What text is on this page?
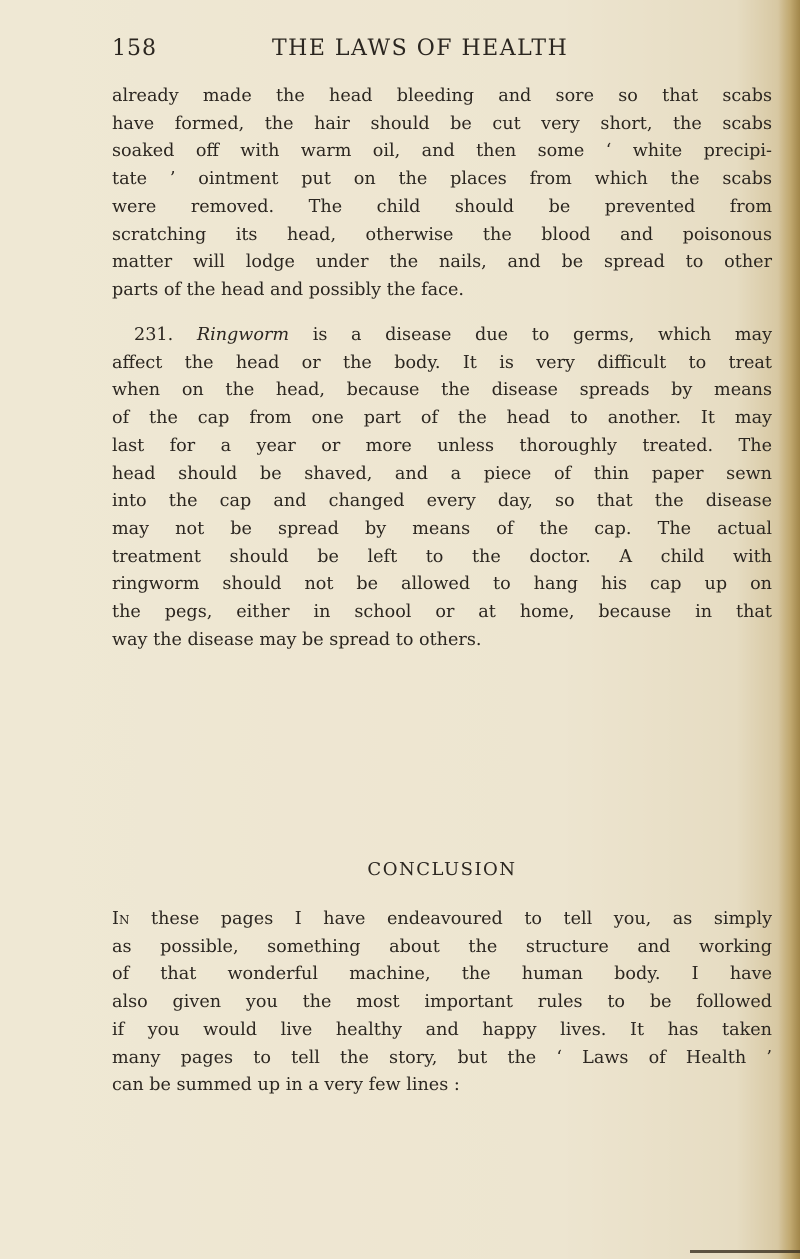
158	THE LAWS OF HEALTH
already made the head bleeding and sore so that scabs
have formed, the hair should be cut very short, the scabs
soaked off with warm oil, and then some ‘ white precipi-
tate ’ ointment put on the places from which the scabs
were removed. The child should be prevented from
scratching its head, otherwise the blood and poisonous
matter will lodge under the nails, and be spread to other
parts of the head and possibly the face.
231. Ringworm is a disease due to germs, which may
affect the head or the body. It is very difficult to treat
when on the head, because the disease spreads by means
of the cap from one part of the head to another. It may
last for a year or more unless thoroughly treated. The
head should be shaved, and a piece of thin paper sewn
into the cap and changed every day, so that the disease
may not be spread by means of the cap. The actual
treatment should be left to the doctor. A child with
ringworm should not be allowed to hang his cap up on
the pegs, either in school or at home, because in that
way the disease may be spread to others.
CONCLUSION
In these pages I have endeavoured to tell you, as simply
as possible, something about the structure and working
of that wonderful machine, the human body. I have
also given you the most important rules to be followed
if you would live healthy and happy lives. It has taken
many pages to tell the story, but the ‘ Laws of Health ’
can be summed up in a very few lines :
